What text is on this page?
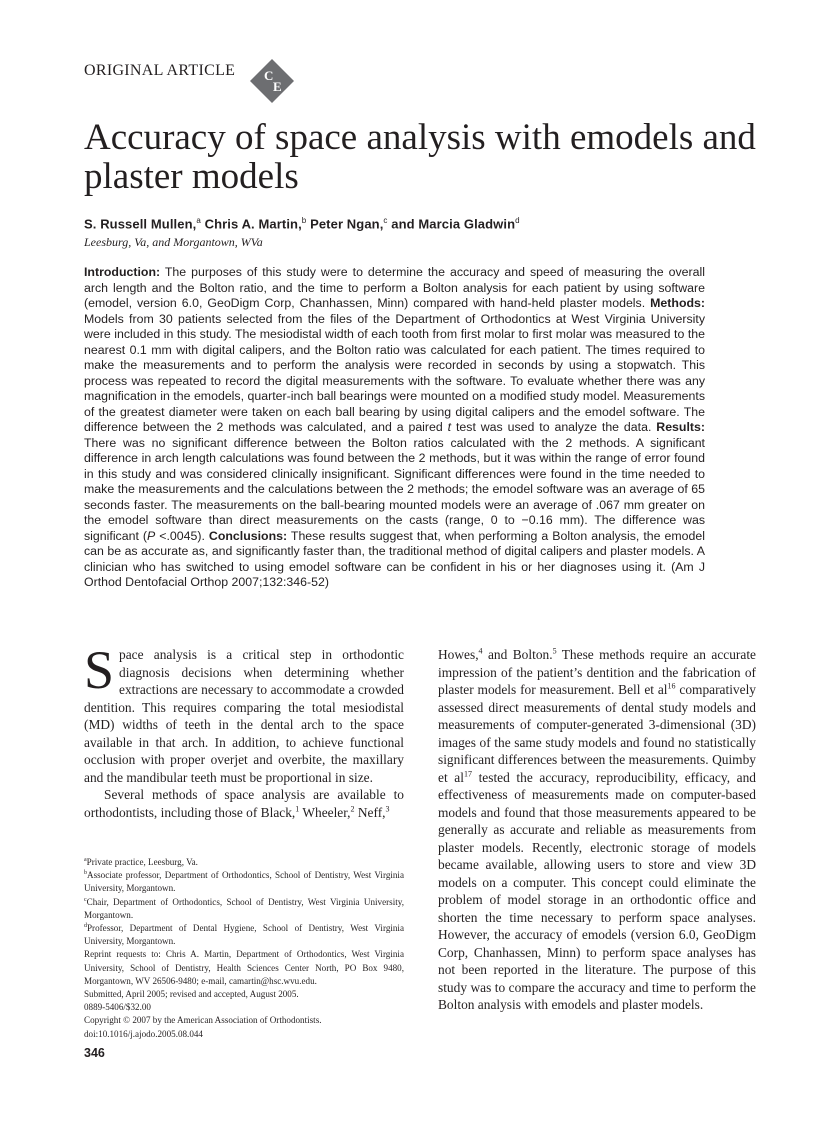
ORIGINAL ARTICLE C
E
Accuracy of space analysis with emodels and plaster models
S. Russell Mullen,$^a$ Chris A. Martin,$^b$ Peter Ngan,$^c$ and Marcia Gladwin$^d$
Leesburg, Va, and Morgantown, WVa

Introduction: The purposes of this study were to determine the accuracy and speed of measuring the overall arch length and the Bolton ratio, and the time to perform a Bolton analysis for each patient by using software (emodel, version 6.0, GeoDigm Corp, Chanhassen, Minn) compared with hand-held plaster models. Methods: Models from 30 patients selected from the files of the Department of Orthodontics at West Virginia University were included in this study. The mesiodistal width of each tooth from first molar to first molar was measured to the nearest 0.1 mm with digital calipers, and the Bolton ratio was calculated for each patient. The times required to make the measurements and to perform the analysis were recorded in seconds by using a stopwatch. This process was repeated to record the digital measurements with the software. To evaluate whether there was any magnification in the emodels, quarter-inch ball bearings were mounted on a modified study model. Measurements of the greatest diameter were taken on each ball bearing by using digital calipers and the emodel software. The difference between the 2 methods was calculated, and a paired t test was used to analyze the data. Results: There was no significant difference between the Bolton ratios calculated with the 2 methods. A significant difference in arch length calculations was found between the 2 methods, but it was within the range of error found in this study and was considered clinically insignificant. Significant differences were found in the time needed to make the measurements and the calculations between the 2 methods; the emodel software was an average of 65 seconds faster. The measurements on the ball-bearing mounted models were an average of .067 mm greater on the emodel software than direct measurements on the casts (range, 0 to −0.16 mm). The difference was significant (P <.0045). Conclusions: These results suggest that, when performing a Bolton analysis, the emodel can be as accurate as, and significantly faster than, the traditional method of digital calipers and plaster models. A clinician who has switched to using emodel software can be confident in his or her diagnoses using it. (Am J Orthod Dentofacial Orthop 2007;132:346-52)

Space analysis is a critical step in orthodontic diagnosis decisions when determining whether extractions are necessary to accommodate a crowded dentition. This requires comparing the total mesiodistal (MD) widths of teeth in the dental arch to the space available in that arch. In addition, to achieve functional occlusion with proper overjet and overbite, the maxillary and the mandibular teeth must be proportional in size.

Several methods of space analysis are available to orthodontists, including those of Black,$^1$ Wheeler,$^2$ Neff,$^3$

$^a$Private practice, Leesburg, Va.

$^b$Associate professor, Department of Orthodontics, School of Dentistry, West Virginia University, Morgantown.

$^c$Chair, Department of Orthodontics, School of Dentistry, West Virginia University, Morgantown.

$^d$Professor, Department of Dental Hygiene, School of Dentistry, West Virginia University, Morgantown.

Reprint requests to: Chris A. Martin, Department of Orthodontics, West Virginia University, School of Dentistry, Health Sciences Center North, PO Box 9480, Morgantown, WV 26506-9480; e-mail, camartin@hsc.wvu.edu.

Submitted, April 2005; revised and accepted, August 2005.

0889-5406/$32.00

Copyright © 2007 by the American Association of Orthodontists.

doi:10.1016/j.ajodo.2005.08.044

Howes,$^4$ and Bolton.$^5$ These methods require an accurate impression of the patient’s dentition and the fabrication of plaster models for measurement. Bell et $al^{16}$ comparatively assessed direct measurements of dental study models and measurements of computer-generated 3-dimensional (3D) images of the same study models and found no statistically significant differences between the measurements. Quimby et $al^{17}$ tested the accuracy, reproducibility, efficacy, and effectiveness of measurements made on computer-based models and found that those measurements appeared to be generally as accurate and reliable as measurements from plaster models. Recently, electronic storage of models became available, allowing users to store and view 3D models on a computer. This concept could eliminate the problem of model storage in an orthodontic office and shorten the time necessary to perform space analyses. However, the accuracy of emodels (version 6.0, GeoDigm Corp, Chanhassen, Minn) to perform space analyses has not been reported in the literature. The purpose of this study was to compare the accuracy and time to perform the Bolton analysis with emodels and plaster models.

346
